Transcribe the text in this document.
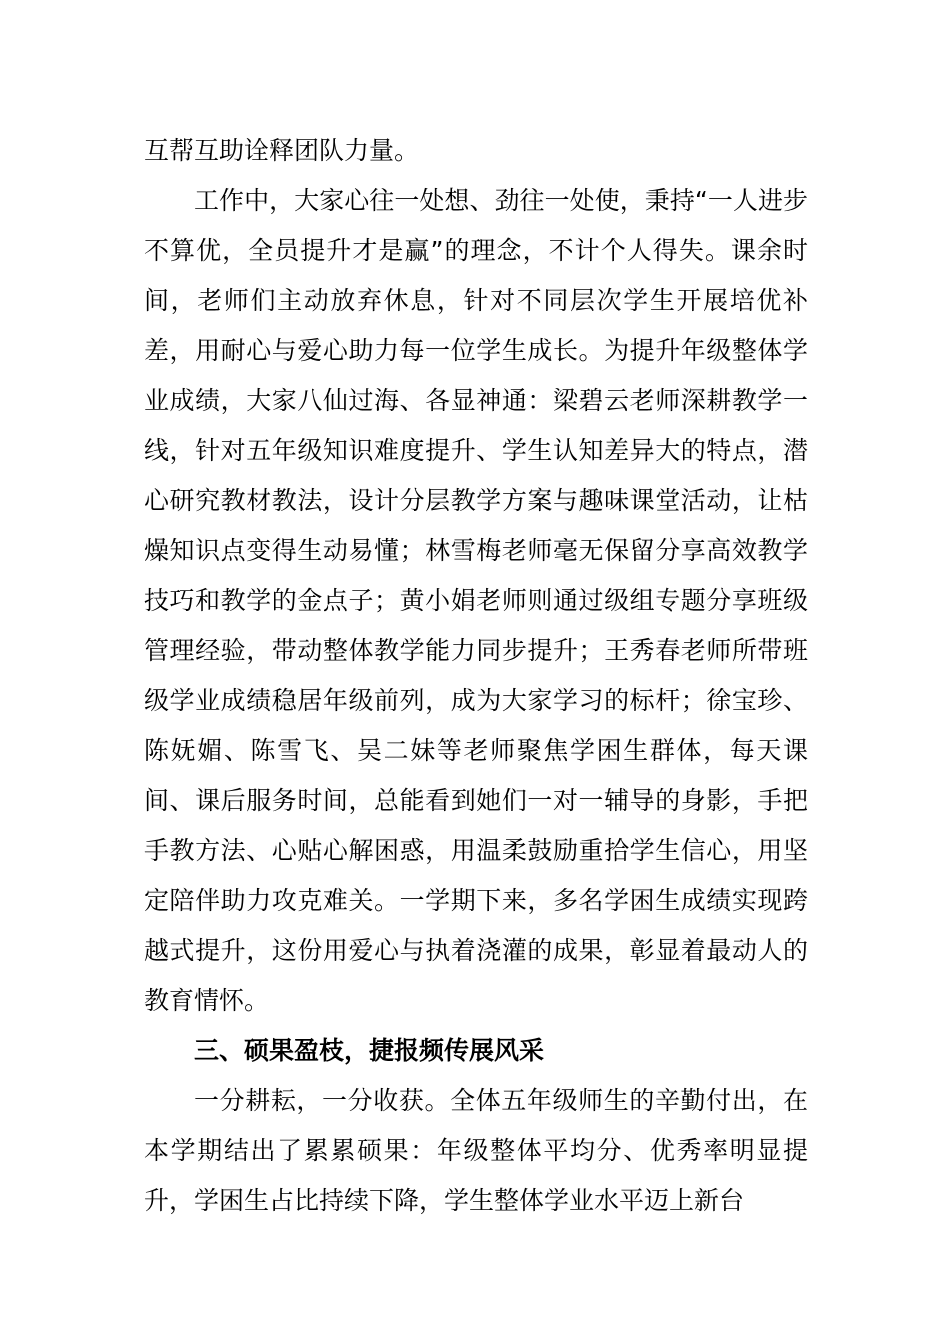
互帮互助诠释团队力量。

工作中，大家心往一处想、劲往一处使，秉持“一人进步不算优，全员提升才是赢”的理念，不计个人得失。课余时间，老师们主动放弃休息，针对不同层次学生开展培优补差，用耐心与爱心助力每一位学生成长。为提升年级整体学业成绩，大家八仙过海、各显神通：梁碧云老师深耕教学一线，针对五年级知识难度提升、学生认知差异大的特点，潜心研究教材教法，设计分层教学方案与趣味课堂活动，让枯燥知识点变得生动易懂；林雪梅老师毫无保留分享高效教学技巧和教学的金点子；黄小娟老师则通过级组专题分享班级管理经验，带动整体教学能力同步提升；王秀春老师所带班级学业成绩稳居年级前列，成为大家学习的标杆；徐宝珍、陈妩媚、陈雪飞、吴二妹等老师聚焦学困生群体，每天课间、课后服务时间，总能看到她们一对一辅导的身影，手把手教方法、心贴心解困惑，用温柔鼓励重拾学生信心，用坚定陪伴助力攻克难关。一学期下来，多名学困生成绩实现跨越式提升，这份用爱心与执着浇灌的成果，彰显着最动人的教育情怀。

三、硕果盈枝，捷报频传展风采

一分耕耘，一分收获。全体五年级师生的辛勤付出，在本学期结出了累累硕果：年级整体平均分、优秀率明显提升，学困生占比持续下降，学生整体学业水平迈上新台
